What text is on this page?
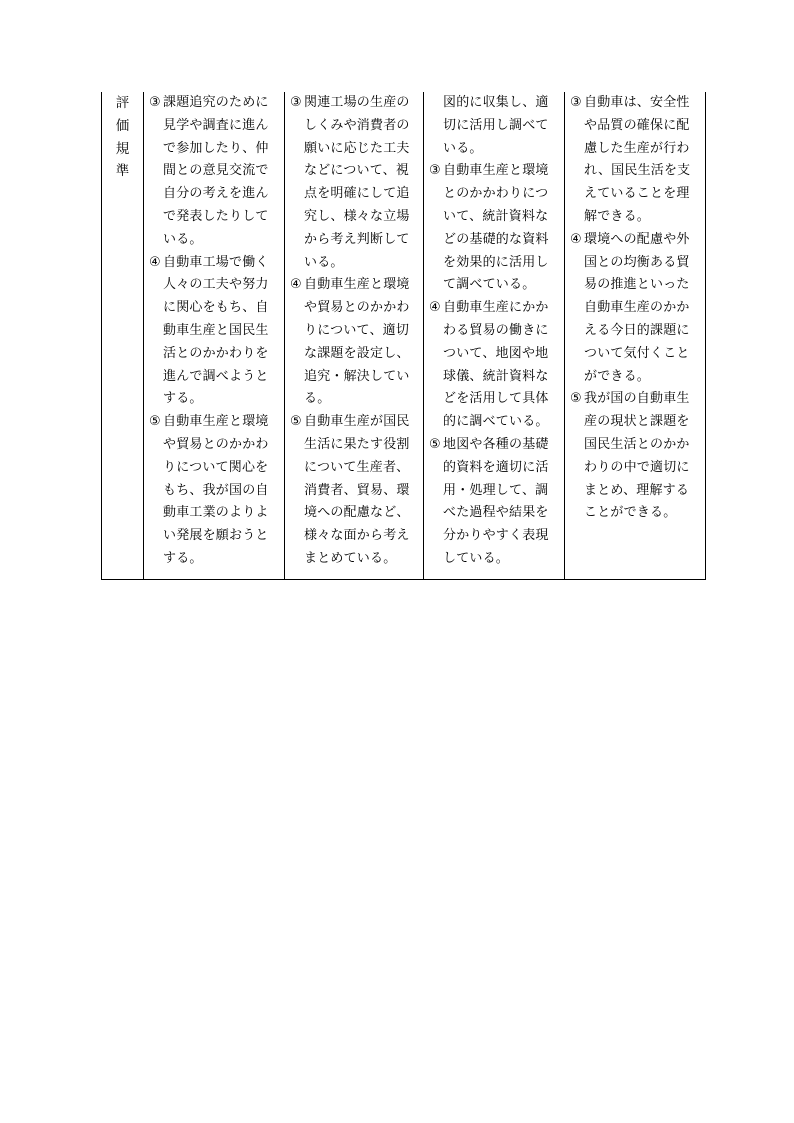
評
価
規
準

③ 課題追究のために
見学や調査に進ん
で参加したり、仲
間との意見交流で
自分の考えを進ん
で発表したりして
いる。
④ 自動車工場で働く
人々の工夫や努力
に関心をもち、自
動車生産と国民生
活とのかかわりを
進んで調べようと
する。
⑤ 自動車生産と環境
や貿易とのかかわ
りについて関心を
もち、我が国の自
動車工業のよりよ
い発展を願おうと
する。

③ 関連工場の生産の
しくみや消費者の
願いに応じた工夫
などについて、視
点を明確にして追
究し、様々な立場
から考え判断して
いる。
④ 自動車生産と環境
や貿易とのかかわ
りについて、適切
な課題を設定し、
追究・解決してい
る。
⑤ 自動車生産が国民
生活に果たす役割
について生産者、
消費者、貿易、環
境への配慮など、
様々な面から考え
まとめている。

図的に収集し、適
切に活用し調べて
いる。
③ 自動車生産と環境
とのかかわりにつ
いて、統計資料な
どの基礎的な資料
を効果的に活用し
て調べている。
④ 自動車生産にかか
わる貿易の働きに
ついて、地図や地
球儀、統計資料な
どを活用して具体
的に調べている。
⑤ 地図や各種の基礎
的資料を適切に活
用・処理して、調
べた過程や結果を
分かりやすく表現
している。

③ 自動車は、安全性
や品質の確保に配
慮した生産が行わ
れ、国民生活を支
えていることを理
解できる。
④ 環境への配慮や外
国との均衡ある貿
易の推進といった
自動車生産のかか
える今日的課題に
ついて気付くこと
ができる。
⑤ 我が国の自動車生
産の現状と課題を
国民生活とのかか
わりの中で適切に
まとめ、理解する
ことができる。
